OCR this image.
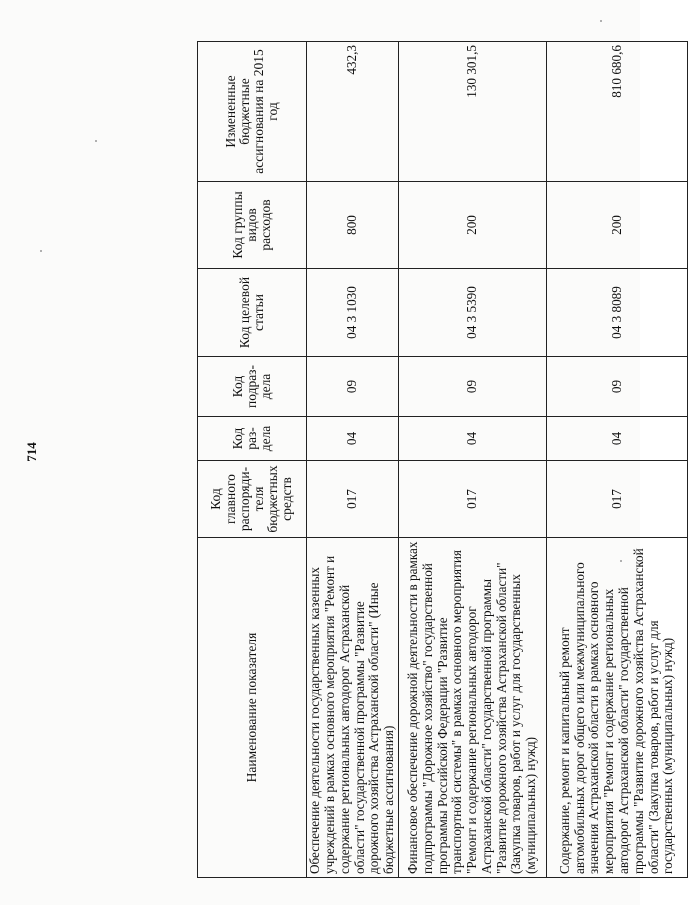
714
Наименование показателя	Код главного распоряди-теля бюджетных средств	Код раз-дела	Код подраз-дела	Код целевой статьи	Код группы видов расходов	Измененные бюджетные ассигнования на 2015 год
Обеспечение деятельности государственных казенных учреждений в рамках основного мероприятия "Ремонт и содержание региональных автодорог Астраханской области" государственной программы "Развитие дорожного хозяйства Астраханской области" (Иные бюджетные ассигнования)	017	04	09	04 3 1030	800	432,3
Финансовое обеспечение дорожной деятельности в рамках подпрограммы "Дорожное хозяйство" государственной программы Российской Федерации "Развитие транспортной системы" в рамках основного мероприятия "Ремонт и содержание региональных автодорог Астраханской области" государственной программы "Развитие дорожного хозяйства Астраханской области" (Закупка товаров, работ и услуг для государственных (муниципальных) нужд)	017	04	09	04 3 5390	200	130 301,5
Содержание, ремонт и капитальный ремонт автомобильных дорог общего или межмуниципального значения Астраханской области в рамках основного мероприятия "Ремонт и содержание региональных автодорог Астраханской области" государственной программы "Развитие дорожного хозяйства Астраханской области" (Закупка товаров, работ и услуг для государственных (муниципальных) нужд)	017	04	09	04 3 8089	200	810 680,6
